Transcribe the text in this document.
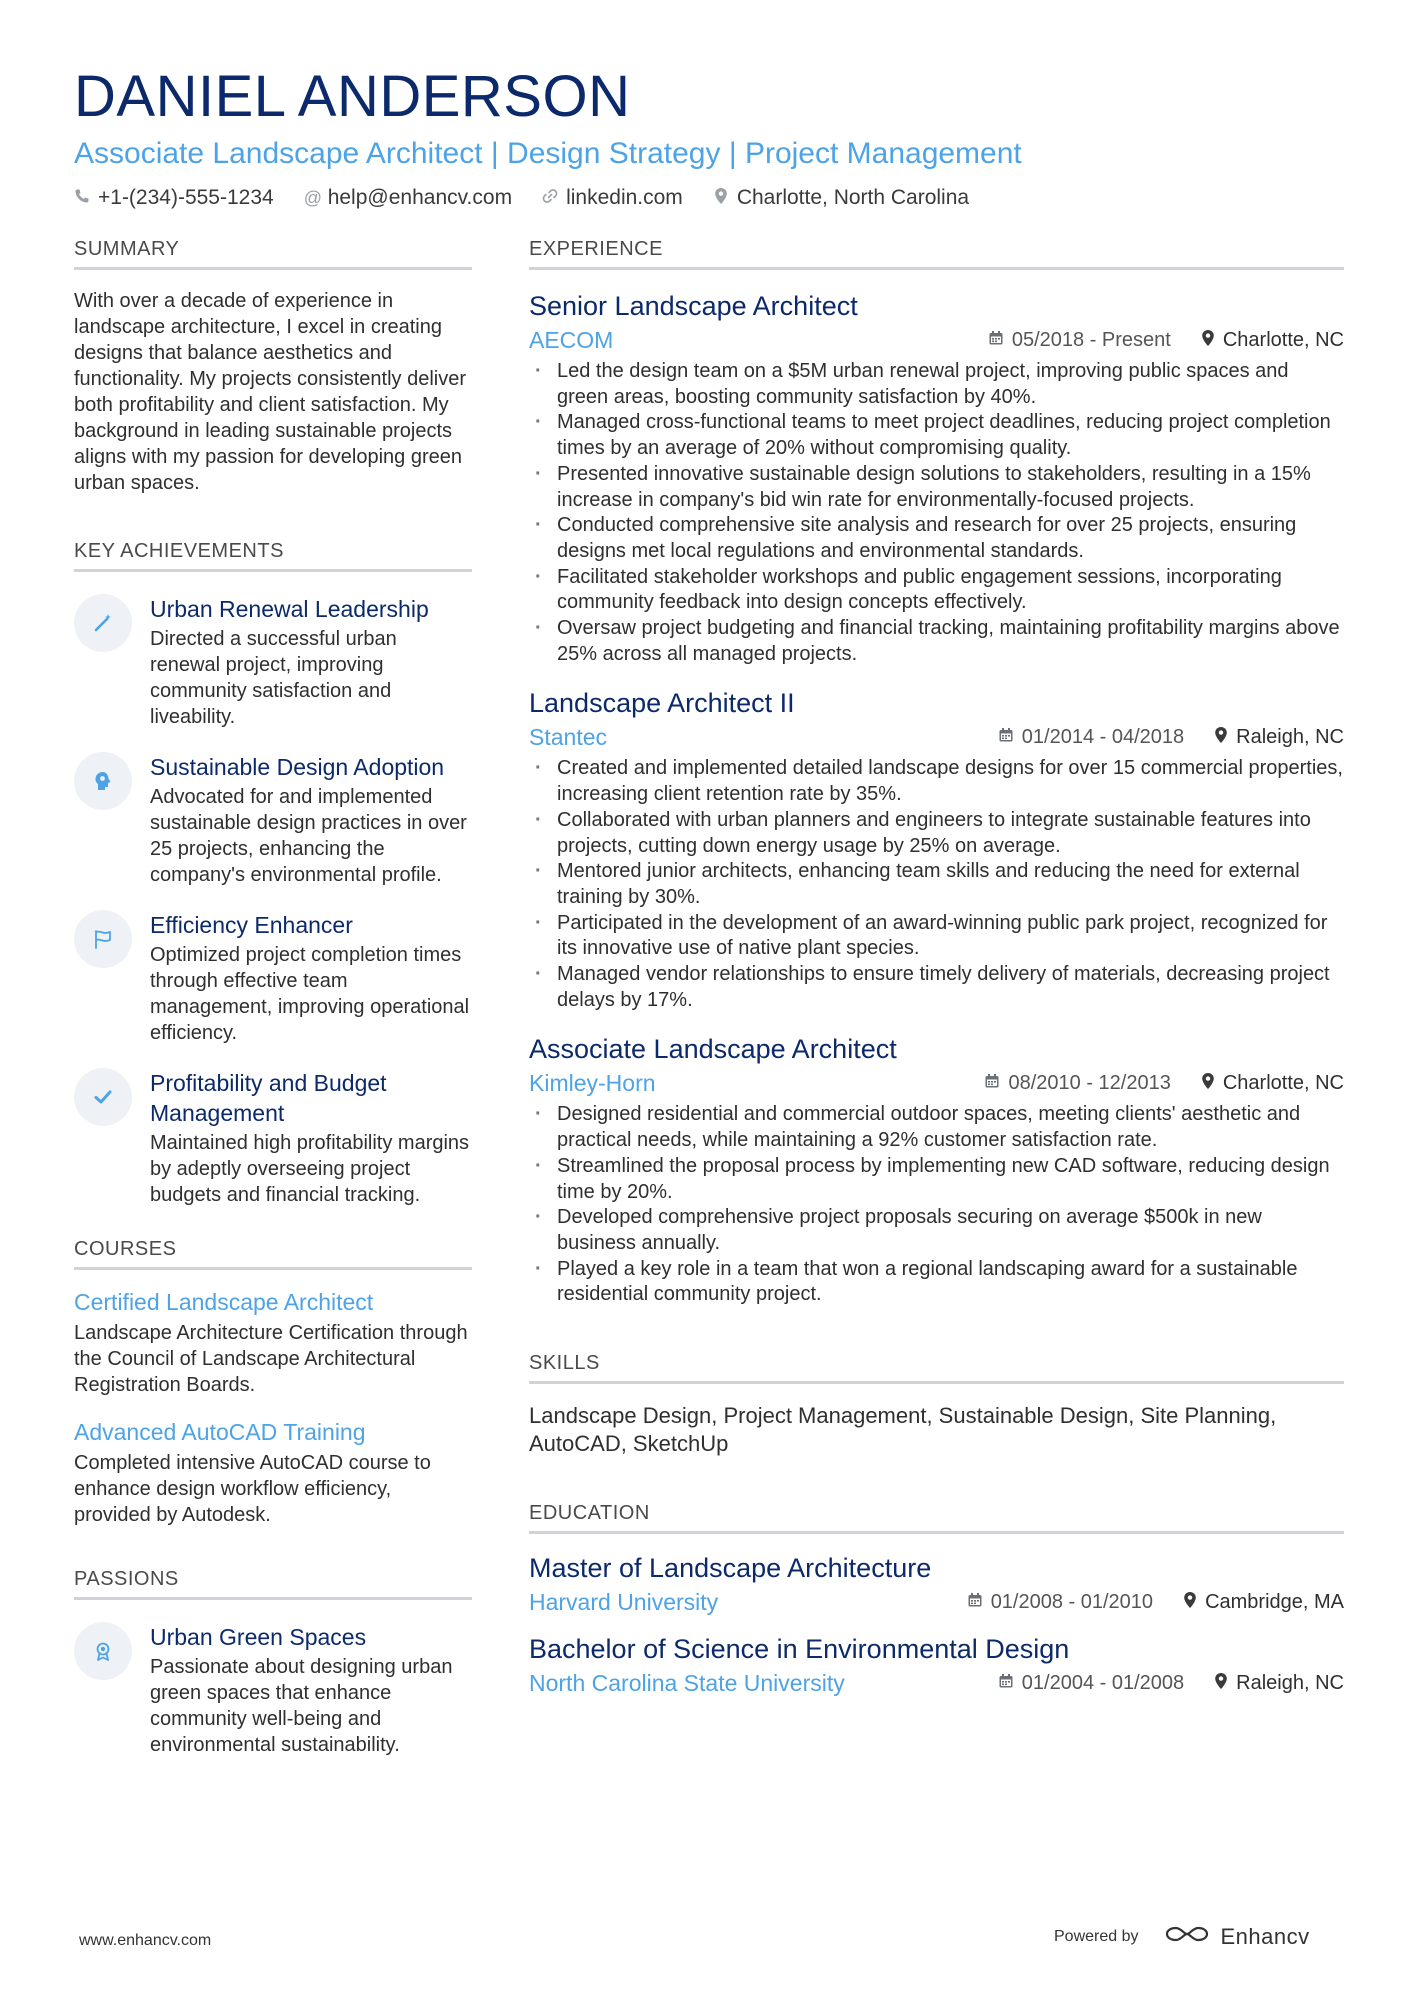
DANIEL ANDERSON
Associate Landscape Architect | Design Strategy | Project Management
+1-(234)-555-1234 @ help@enhancv.com	linkedin.com	Charlotte, North Carolina
SUMMARY

With over a decade of experience in landscape architecture, I excel in creating designs that balance aesthetics and functionality. My projects consistently deliver both profitability and client satisfaction. My background in leading sustainable projects aligns with my passion for developing green urban spaces.

KEY ACHIEVEMENTS
Urban Renewal Leadership
Directed a successful urban renewal project, improving community satisfaction and liveability.
Sustainable Design Adoption
Advocated for and implemented sustainable design practices in over 25 projects, enhancing the company's environmental profile.
Efficiency Enhancer
Optimized project completion times through effective team management, improving operational efficiency.
Profitability and Budget Management
Maintained high profitability margins by adeptly overseeing project budgets and financial tracking.
COURSES
Certified Landscape Architect
Landscape Architecture Certification through the Council of Landscape Architectural Registration Boards.
Advanced AutoCAD Training
Completed intensive AutoCAD course to enhance design workflow efficiency, provided by Autodesk.
PASSIONS
Urban Green Spaces
Passionate about designing urban green spaces that enhance community well-being and environmental sustainability.
EXPERIENCE
Senior Landscape Architect
AECOM	05/2018 - Present	Charlotte, NC
· Led the design team on a $5M urban renewal project, improving public spaces and green areas, boosting community satisfaction by 40%.
· Managed cross-functional teams to meet project deadlines, reducing project completion times by an average of 20% without compromising quality.
· Presented innovative sustainable design solutions to stakeholders, resulting in a 15% increase in company's bid win rate for environmentally-focused projects.
· Conducted comprehensive site analysis and research for over 25 projects, ensuring designs met local regulations and environmental standards.
· Facilitated stakeholder workshops and public engagement sessions, incorporating community feedback into design concepts effectively.
· Oversaw project budgeting and financial tracking, maintaining profitability margins above 25% across all managed projects.
Landscape Architect II
Stantec	01/2014 - 04/2018	Raleigh, NC
· Created and implemented detailed landscape designs for over 15 commercial properties, increasing client retention rate by 35%.
· Collaborated with urban planners and engineers to integrate sustainable features into projects, cutting down energy usage by 25% on average.
· Mentored junior architects, enhancing team skills and reducing the need for external training by 30%.
· Participated in the development of an award-winning public park project, recognized for its innovative use of native plant species.
· Managed vendor relationships to ensure timely delivery of materials, decreasing project delays by 17%.
Associate Landscape Architect
Kimley-Horn	08/2010 - 12/2013	Charlotte, NC
· Designed residential and commercial outdoor spaces, meeting clients' aesthetic and practical needs, while maintaining a 92% customer satisfaction rate.
· Streamlined the proposal process by implementing new CAD software, reducing design time by 20%.
· Developed comprehensive project proposals securing on average $500k in new business annually.
· Played a key role in a team that won a regional landscaping award for a sustainable residential community project.
SKILLS

Landscape Design, Project Management, Sustainable Design, Site Planning, AutoCAD, SketchUp

EDUCATION
Master of Landscape Architecture
Harvard University	01/2008 - 01/2010	Cambridge, MA
Bachelor of Science in Environmental Design
North Carolina State University	01/2004 - 01/2008	Raleigh, NC
www.enhancv.com	Powered by	Enhancv
